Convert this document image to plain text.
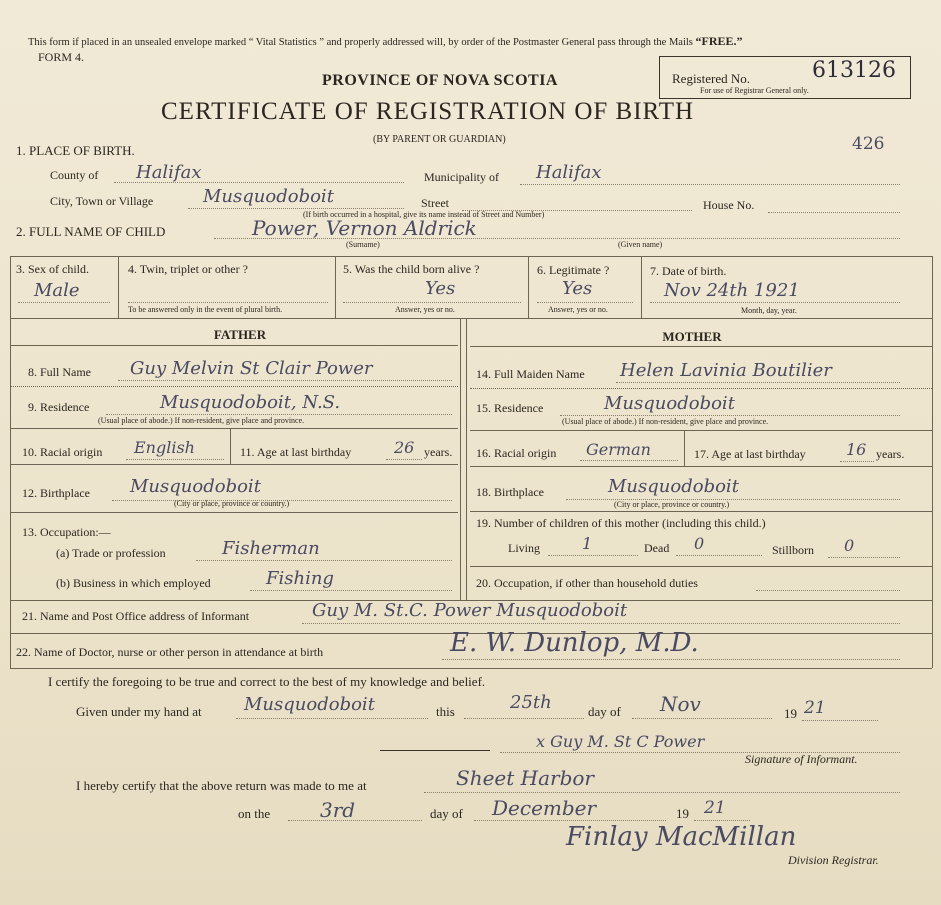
This form if placed in an unsealed envelope marked “ Vital Statistics ” and properly addressed will, by order of the Postmaster General pass through the Mails “FREE.”
FORM 4.
PROVINCE OF NOVA SCOTIA
CERTIFICATE OF REGISTRATION OF BIRTH
(BY PARENT OR GUARDIAN)
Registered No.	613126
For use of Registrar General only.
426
1. PLACE OF BIRTH.
County of Halifax	Municipality of Halifax
City, Town or Village	Musquodoboit	Street	House No.
(If birth occurred in a hospital, give its name instead of Street and Number)
2. FULL NAME OF CHILD	Power, Vernon Aldrick
(Surname)	(Given name)
3. Sex of child.
Male
4. Twin, triplet or other ?
To be answered only in the event of plural birth.
5. Was the child born alive ?
Yes
Answer, yes or no.
6. Legitimate ?
Yes
Answer, yes or no.
7. Date of birth.
Nov 24th 1921
Month, day, year.
FATHER	MOTHER
8. Full Name Guy Melvin St Clair Power
9. Residence	Musquodoboit, N.S.
(Usual place of abode.) If non-resident, give place and province.
10. Racial origin English	11. Age at last birthday	26 years.
12. Birthplace Musquodoboit
(City or place, province or country.)
13. Occupation:—
(a) Trade or profession	Fisherman
(b) Business in which employed	Fishing
14. Full Maiden Name Helen Lavinia Boutilier
15. Residence	Musquodoboit
(Usual place of abode.) If non-resident, give place and province.
16. Racial origin German	17. Age at last birthday	16 years.
18. Birthplace	Musquodoboit
(City or place, province or country.)
19. Number of children of this mother (including this child.)
Living	1	Dead 0	Stillborn 0
20. Occupation, if other than household duties
21. Name and Post Office address of Informant	Guy M. St.C. Power Musquodoboit
22. Name of Doctor, nurse or other person in attendance at birth	E. W. Dunlop, M.D.
I certify the foregoing to be true and correct to the best of my knowledge and belief.
Given under my hand at Musquodoboit	this	25th	day of Nov	19 21
x Guy M. St C Power
Signature of Informant.
I hereby certify that the above return was made to me at	Sheet Harbor
on the 3rd	day of December	19 21
Finlay MacMillan
Division Registrar.
